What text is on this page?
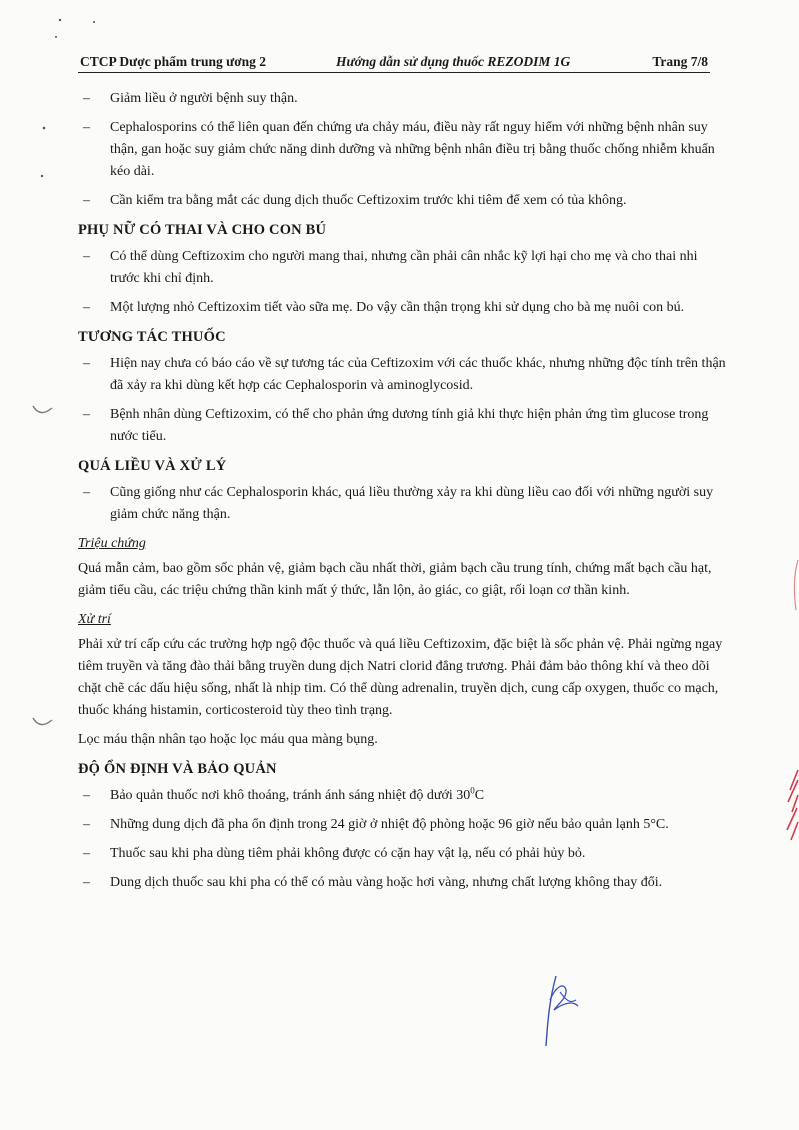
CTCP Dược phẩm trung ương 2	Hướng dẫn sử dụng thuốc REZODIM 1G	Trang 7/8
– Giảm liều ở người bệnh suy thận.
– Cephalosporins có thể liên quan đến chứng ưa chảy máu, điều này rất nguy hiểm với những bệnh nhân suy thận, gan hoặc suy giảm chức năng dinh dưỡng và những bệnh nhân điều trị bằng thuốc chống nhiễm khuẩn kéo dài.
– Cần kiểm tra bằng mắt các dung dịch thuốc Ceftizoxim trước khi tiêm để xem có tủa không.
PHỤ NỮ CÓ THAI VÀ CHO CON BÚ
– Có thể dùng Ceftizoxim cho người mang thai, nhưng cần phải cân nhắc kỹ lợi hại cho mẹ và cho thai nhi trước khi chỉ định.
– Một lượng nhỏ Ceftizoxim tiết vào sữa mẹ. Do vậy cần thận trọng khi sử dụng cho bà mẹ nuôi con bú.
TƯƠNG TÁC THUỐC
– Hiện nay chưa có báo cáo về sự tương tác của Ceftizoxim với các thuốc khác, nhưng những độc tính trên thận đã xảy ra khi dùng kết hợp các Cephalosporin và aminoglycosid.
– Bệnh nhân dùng Ceftizoxim, có thể cho phản ứng dương tính giả khi thực hiện phản ứng tìm glucose trong nước tiểu.
QUÁ LIỀU VÀ XỬ LÝ
– Cũng giống như các Cephalosporin khác, quá liều thường xảy ra khi dùng liều cao đối với những người suy giảm chức năng thận.
Triệu chứng
Quá mẫn cảm, bao gồm sốc phản vệ, giảm bạch cầu nhất thời, giảm bạch cầu trung tính, chứng mất bạch cầu hạt, giảm tiểu cầu, các triệu chứng thần kinh mất ý thức, lẫn lộn, ảo giác, co giật, rối loạn cơ thần kinh.
Xử trí
Phải xử trí cấp cứu các trường hợp ngộ độc thuốc và quá liều Ceftizoxim, đặc biệt là sốc phản vệ. Phải ngừng ngay tiêm truyền và tăng đào thải bằng truyền dung dịch Natri clorid đẳng trương. Phải đảm bảo thông khí và theo dõi chặt chẽ các dấu hiệu sống, nhất là nhịp tim. Có thể dùng adrenalin, truyền dịch, cung cấp oxygen, thuốc co mạch, thuốc kháng histamin, corticosteroid tùy theo tình trạng.
Lọc máu thận nhân tạo hoặc lọc máu qua màng bụng.
ĐỘ ỔN ĐỊNH VÀ BẢO QUẢN
– Bảo quản thuốc nơi khô thoáng, tránh ánh sáng nhiệt độ dưới $30^0C$
– Những dung dịch đã pha ổn định trong 24 giờ ở nhiệt độ phòng hoặc 96 giờ nếu bảo quản lạnh 5°C.
– Thuốc sau khi pha dùng tiêm phải không được có cặn hay vật lạ, nếu có phải hủy bỏ.
– Dung dịch thuốc sau khi pha có thể có màu vàng hoặc hơi vàng, nhưng chất lượng không thay đổi.
